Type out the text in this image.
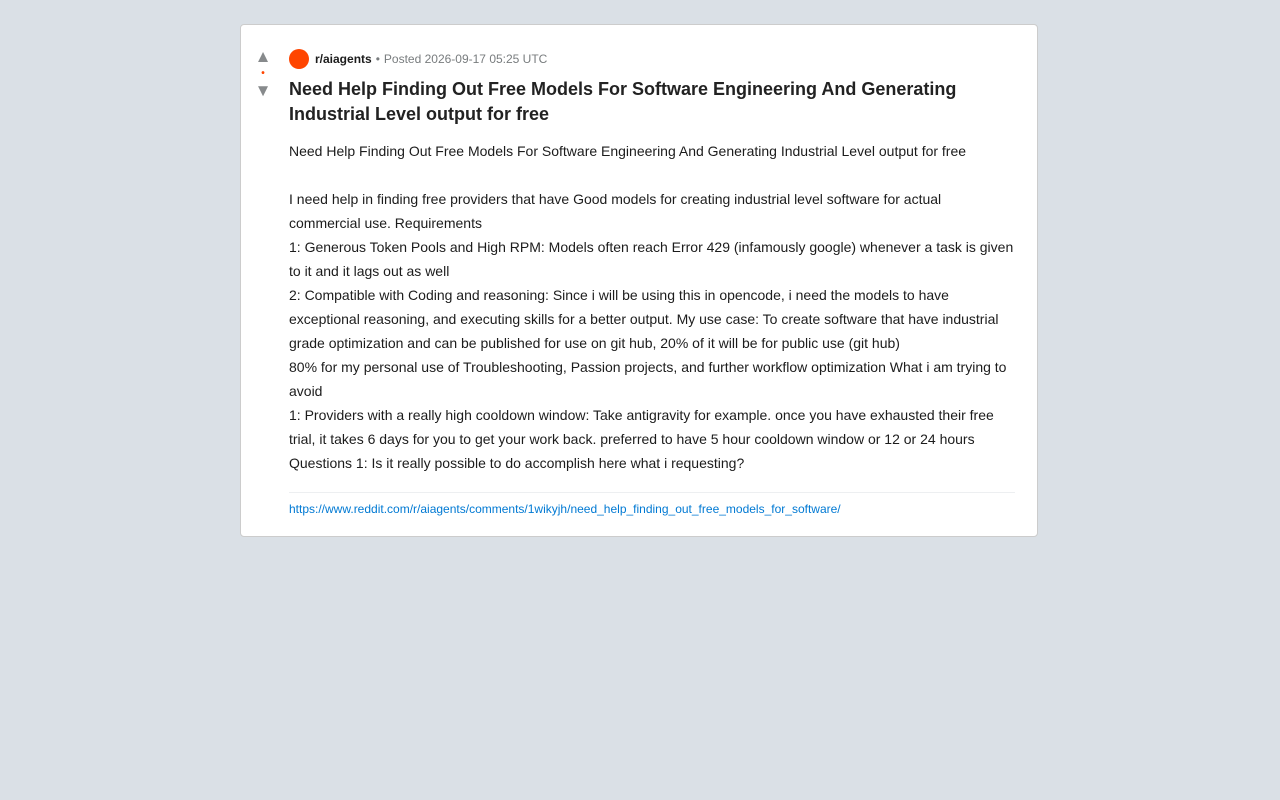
▲
•
▼
r/aiagents • Posted 2026-09-17 05:25 UTC
Need Help Finding Out Free Models For Software Engineering And Generating Industrial Level output for free

Need Help Finding Out Free Models For Software Engineering And Generating Industrial Level output for free

I need help in finding free providers that have Good models for creating industrial level software for actual commercial use. Requirements

1: Generous Token Pools and High RPM: Models often reach Error 429 (infamously google) whenever a task is given to it and it lags out as well

2: Compatible with Coding and reasoning: Since i will be using this in opencode, i need the models to have exceptional reasoning, and executing skills for a better output. My use case: To create software that have industrial grade optimization and can be published for use on git hub, 20% of it will be for public use (git hub)

80% for my personal use of Troubleshooting, Passion projects, and further workflow optimization What i am trying to avoid

1: Providers with a really high cooldown window: Take antigravity for example. once you have exhausted their free trial, it takes 6 days for you to get your work back. preferred to have 5 hour cooldown window or 12 or 24 hours

Questions 1: Is it really possible to do accomplish here what i requesting?

https://www.reddit.com/r/aiagents/comments/1wikyjh/need_help_finding_out_free_models_for_software/
